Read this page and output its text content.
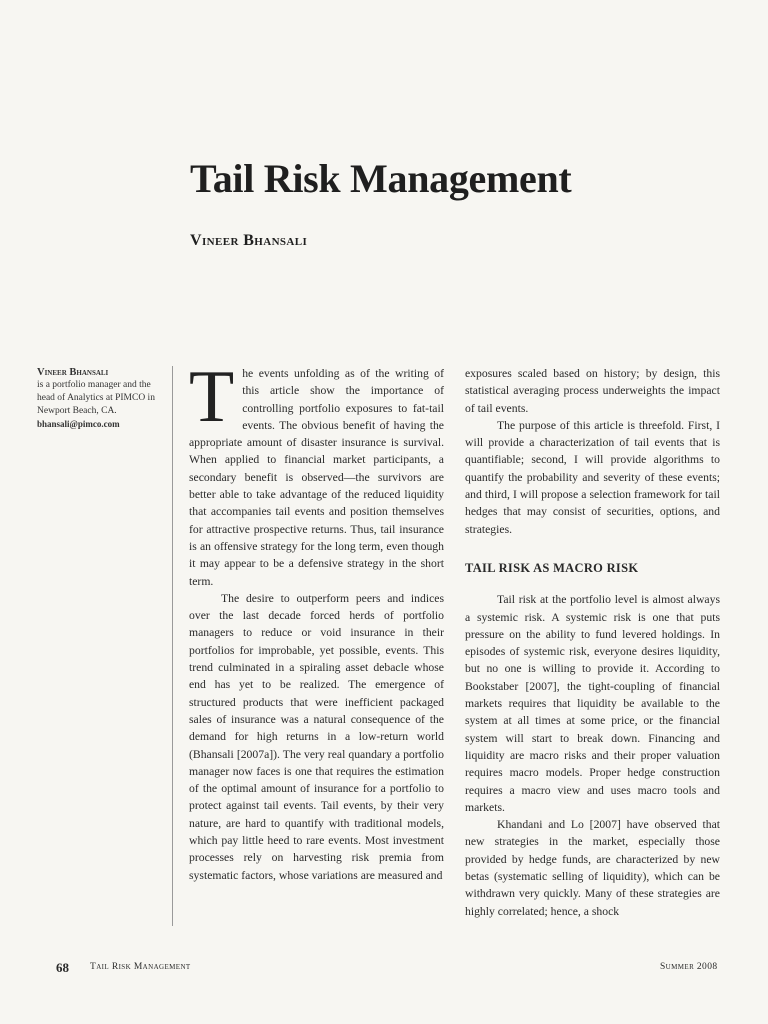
Tail Risk Management
Vineer Bhansali
Vineer Bhansali
is a portfolio manager and the head of Analytics at PIMCO in Newport Beach, CA.
bhansali@pimco.com The events unfolding as of the writing of this article show the importance of controlling portfolio exposures to fat-tail events. The obvious benefit of having the appropriate amount of disaster insurance is survival. When applied to financial market participants, a secondary benefit is observed—the survivors are better able to take advantage of the reduced liquidity that accompanies tail events and position themselves for attractive prospective returns. Thus, tail insurance is an offensive strategy for the long term, even though it may appear to be a defensive strategy in the short term.

The desire to outperform peers and indices over the last decade forced herds of portfolio managers to reduce or void insurance in their portfolios for improbable, yet possible, events. This trend culminated in a spiraling asset debacle whose end has yet to be realized. The emergence of structured products that were inefficient packaged sales of insurance was a natural consequence of the demand for high returns in a low-return world (Bhansali [2007a]). The very real quandary a portfolio manager now faces is one that requires the estimation of the optimal amount of insurance for a portfolio to protect against tail events. Tail events, by their very nature, are hard to quantify with traditional models, which pay little heed to rare events. Most investment processes rely on harvesting risk premia from systematic factors, whose variations are measured and

exposures scaled based on history; by design, this statistical averaging process underweights the impact of tail events.

The purpose of this article is threefold. First, I will provide a characterization of tail events that is quantifiable; second, I will provide algorithms to quantify the probability and severity of these events; and third, I will propose a selection framework for tail hedges that may consist of securities, options, and strategies.

TAIL RISK AS MACRO RISK

Tail risk at the portfolio level is almost always a systemic risk. A systemic risk is one that puts pressure on the ability to fund levered holdings. In episodes of systemic risk, everyone desires liquidity, but no one is willing to provide it. According to Bookstaber [2007], the tight-coupling of financial markets requires that liquidity be available to the system at all times at some price, or the financial system will start to break down. Financing and liquidity are macro risks and their proper valuation requires macro models. Proper hedge construction requires a macro view and uses macro tools and markets.

Khandani and Lo [2007] have observed that new strategies in the market, especially those provided by hedge funds, are characterized by new betas (systematic selling of liquidity), which can be withdrawn very quickly. Many of these strategies are highly correlated; hence, a shock

68 Tail Risk Management	Summer 2008
